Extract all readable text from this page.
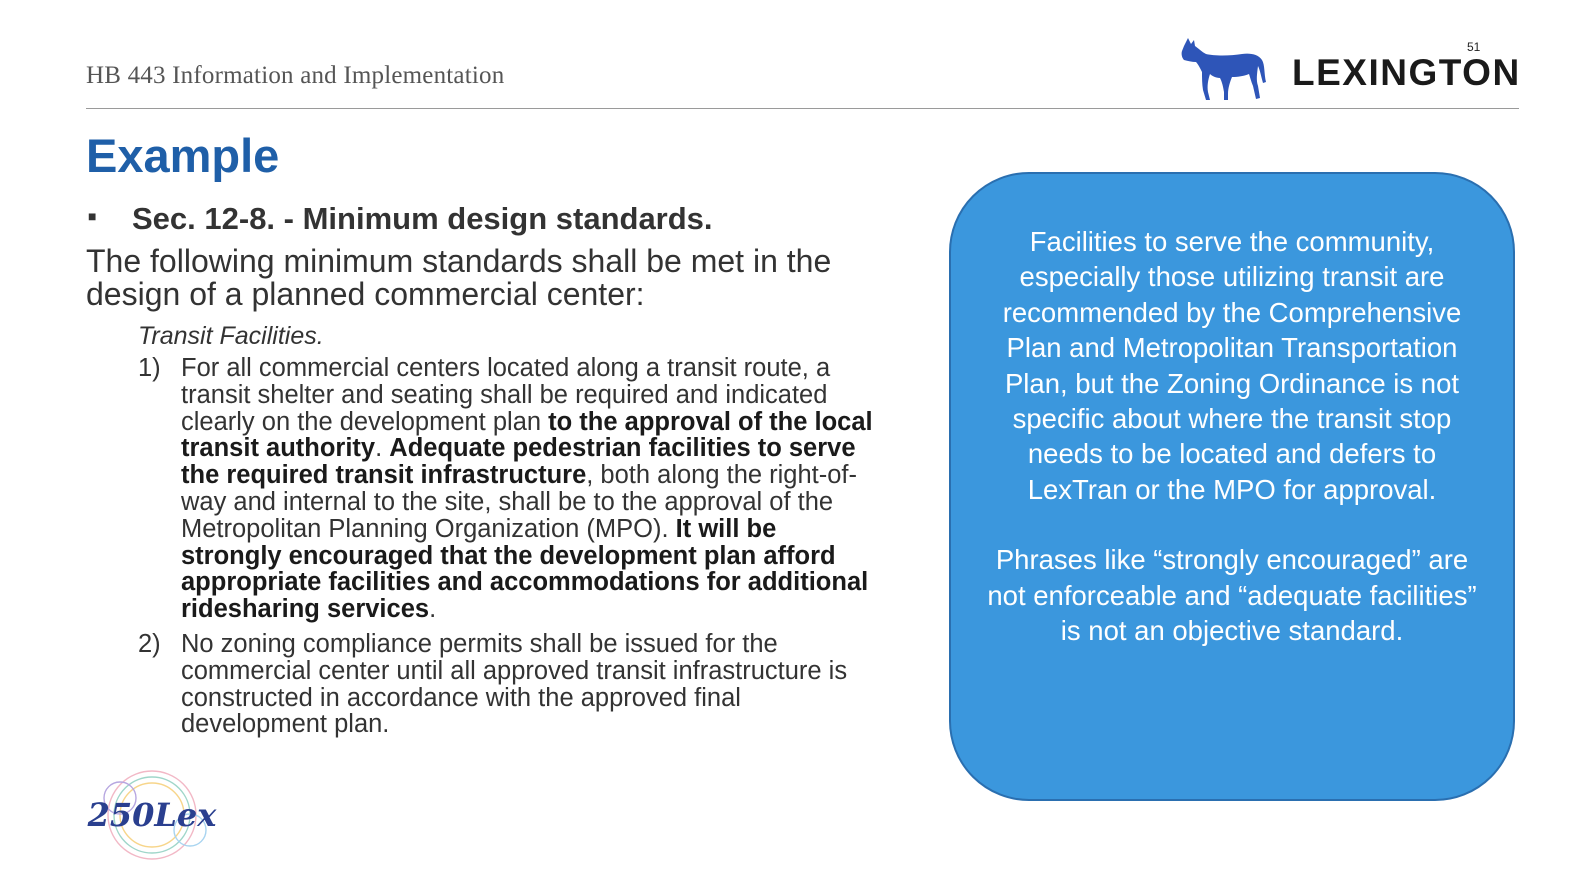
HB 443 Information and Implementation
51
LEXINGTON
Example
■	Sec. 12-8. - Minimum design standards.
The following minimum standards shall be met in the design of a planned commercial center:
Transit Facilities.
1) For all commercial centers located along a transit route, a transit shelter and seating shall be required and indicated clearly on the development plan to the approval of the local transit authority. Adequate pedestrian facilities to serve the required transit infrastructure, both along the right-of-way and internal to the site, shall be to the approval of the Metropolitan Planning Organization (MPO). It will be strongly encouraged that the development plan afford appropriate facilities and accommodations for additional ridesharing services.
2) No zoning compliance permits shall be issued for the commercial center until all approved transit infrastructure is constructed in accordance with the approved final development plan.

Facilities to serve the community, especially those utilizing transit are recommended by the Comprehensive Plan and Metropolitan Transportation Plan, but the Zoning Ordinance is not specific about where the transit stop needs to be located and defers to LexTran or the MPO for approval.

Phrases like “strongly encouraged” are not enforceable and “adequate facilities” is not an objective standard.

250Lex
